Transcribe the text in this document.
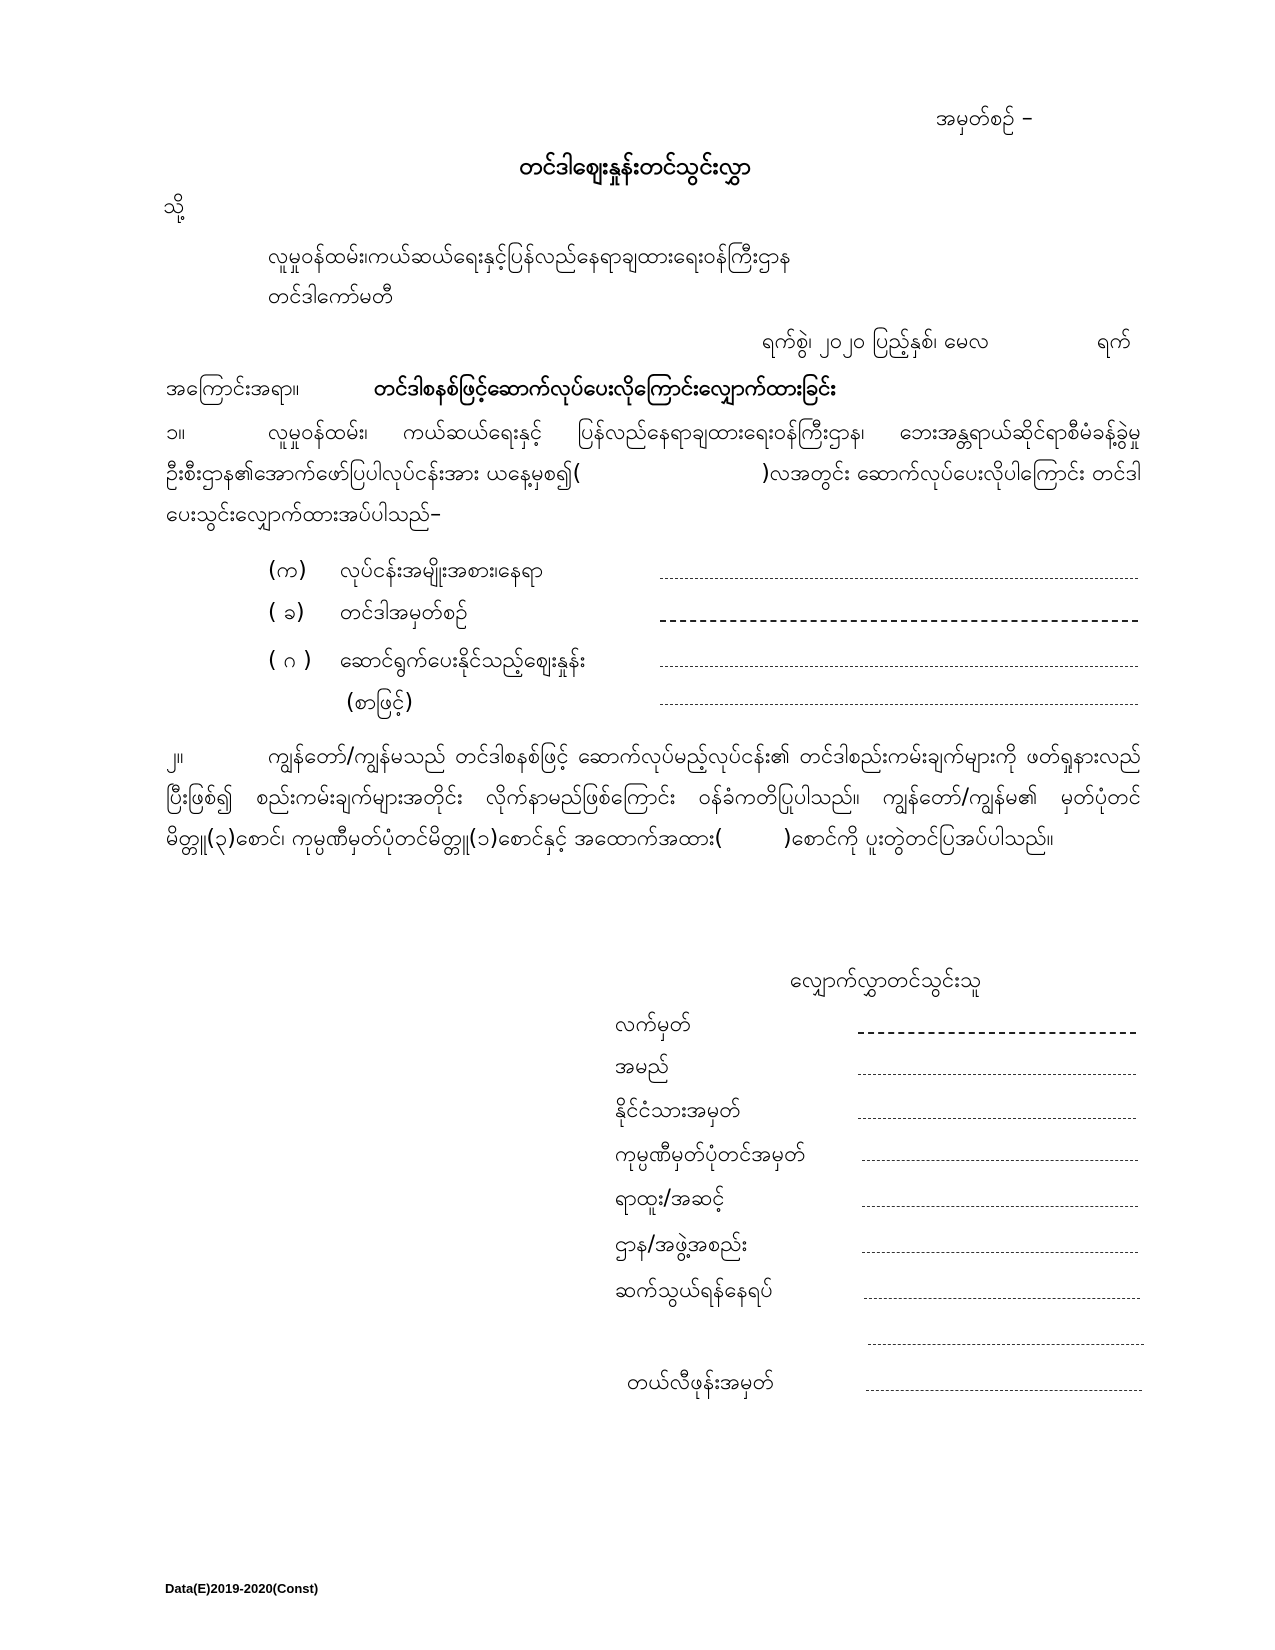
အမှတ်စဉ် –
တင်ဒါဈေးနှုန်းတင်သွင်းလွှာ
သို့
လူမှုဝန်ထမ်း၊ကယ်ဆယ်ရေးနှင့်ပြန်လည်နေရာချထားရေးဝန်ကြီးဌာန
တင်ဒါကော်မတီ
ရက်စွဲ၊ ၂၀၂၀ ပြည့်နှစ်၊ မေလ	ရက်
အကြောင်းအရာ။	တင်ဒါစနစ်ဖြင့်ဆောက်လုပ်ပေးလိုကြောင်းလျှောက်ထားခြင်း
၁။	လူမှုဝန်ထမ်း၊ ကယ်ဆယ်ရေးနှင့် ပြန်လည်နေရာချထားရေးဝန်ကြီးဌာန၊ ဘေးအန္တရာယ်ဆိုင်ရာစီမံခန့်ခွဲမှုဦးစီးဌာန၏အောက်ဖော်ပြပါလုပ်ငန်းအား ယနေ့မှစ၍(	)လအတွင်း ဆောက်လုပ်ပေးလိုပါကြောင်း တင်ဒါပေးသွင်းလျှောက်ထားအပ်ပါသည်–
(က) လုပ်ငန်းအမျိုးအစား၊နေရာ
( ခ) တင်ဒါအမှတ်စဉ်
( ဂ ) ဆောင်ရွက်ပေးနိုင်သည့်ဈေးနှုန်း
(စာဖြင့်)
၂။	ကျွန်တော်/ကျွန်မသည် တင်ဒါစနစ်ဖြင့် ဆောက်လုပ်မည့်လုပ်ငန်း၏ တင်ဒါစည်းကမ်းချက်များကို ဖတ်ရှုနားလည်ပြီးဖြစ်၍ စည်းကမ်းချက်များအတိုင်း လိုက်နာမည်ဖြစ်ကြောင်း ဝန်ခံကတိပြုပါသည်။ ကျွန်တော်/ကျွန်မ၏ မှတ်ပုံတင်မိတ္တူ(၃)စောင်၊ ကုမ္ပဏီမှတ်ပုံတင်မိတ္တူ(၁)စောင်နှင့် အထောက်အထား(	)စောင်ကို ပူးတွဲတင်ပြအပ်ပါသည်။
လျှောက်လွှာတင်သွင်းသူ
လက်မှတ်
အမည်
နိုင်ငံသားအမှတ်
ကုမ္ပဏီမှတ်ပုံတင်အမှတ်
ရာထူး/အဆင့်
ဌာန/အဖွဲ့အစည်း
ဆက်သွယ်ရန်နေရပ်
တယ်လီဖုန်းအမှတ်
Data(E)2019-2020(Const)
